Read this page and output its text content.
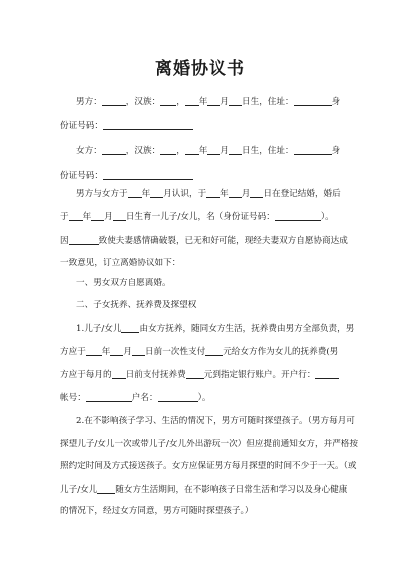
离婚协议书
男方：	，汉族： ， 年 月 日生，住址：	身
份证号码：
女方：	，汉族： ， 年 月 日生，住址：	身
份证号码：
男方与女方于 年 月认识，于 年 月 日在登记结婚，婚后
于 年 月 日生育一儿子/女儿，名（身份证号码：	）。
因	致使夫妻感情确破裂，已无和好可能，现经夫妻双方自愿协商达成
一致意见，订立离婚协议如下：
一、男女双方自愿离婚。
二、子女抚养、抚养费及探望权
1.儿子/女儿 由女方抚养，随同女方生活，抚养费由男方全部负责，男
方应于 年 月 日前一次性支付 元给女方作为女儿的抚养费(男
方应于每月的 日前支付抚养费 元到指定银行账户。开户行：
帐号：	户名：	）。
2.在不影响孩子学习、生活的情况下，男方可随时探望孩子。（男方每月可
探望儿子/女儿一次或带儿子/女儿外出游玩一次）但应提前通知女方，并严格按
照约定时间及方式接送孩子。女方应保证男方每月探望的时间不少于一天。（或
儿子/女儿 随女方生活期间，在不影响孩子日常生活和学习以及身心健康
的情况下，经过女方同意，男方可随时探望孩子。）
